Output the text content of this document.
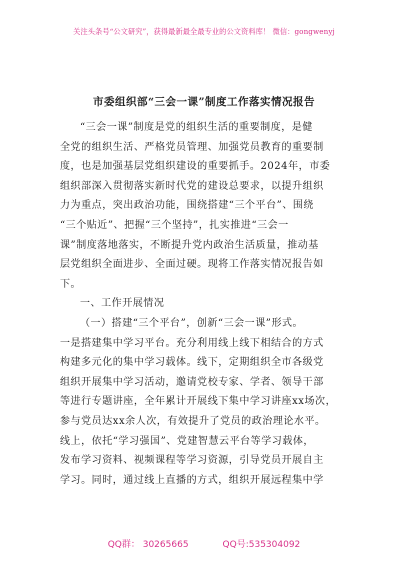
关注头条号“公文研究”，获得最新最全最专业的公文资料库！ 微信：gongwenyj
市委组织部“三会一课”制度工作落实情况报告
“三会一课”制度是党的组织生活的重要制度，是健
全党的组织生活、严格党员管理、加强党员教育的重要制
度，也是加强基层党组织建设的重要抓手。2024年，市委
组织部深入贯彻落实新时代党的建设总要求，以提升组织
力为重点，突出政治功能，围绕搭建“三个平台”、围绕
“三个贴近”、把握“三个坚持”，扎实推进“三会一
课”制度落地落实，不断提升党内政治生活质量，推动基
层党组织全面进步、全面过硬。现将工作落实情况报告如
下。
一、工作开展情况
（一）搭建“三个平台”，创新“三会一课”形式。
一是搭建集中学习平台。充分利用线上线下相结合的方式
构建多元化的集中学习载体。线下，定期组织全市各级党
组织开展集中学习活动，邀请党校专家、学者、领导干部
等进行专题讲座，全年累计开展线下集中学习讲座xx场次，
参与党员达xx余人次，有效提升了党员的政治理论水平。
线上，依托“学习强国”、党建智慧云平台等学习载体，
发布学习资料、视频课程等学习资源，引导党员开展自主
学习。同时，通过线上直播的方式，组织开展远程集中学
QQ群： 30265665	QQ号:535304092
